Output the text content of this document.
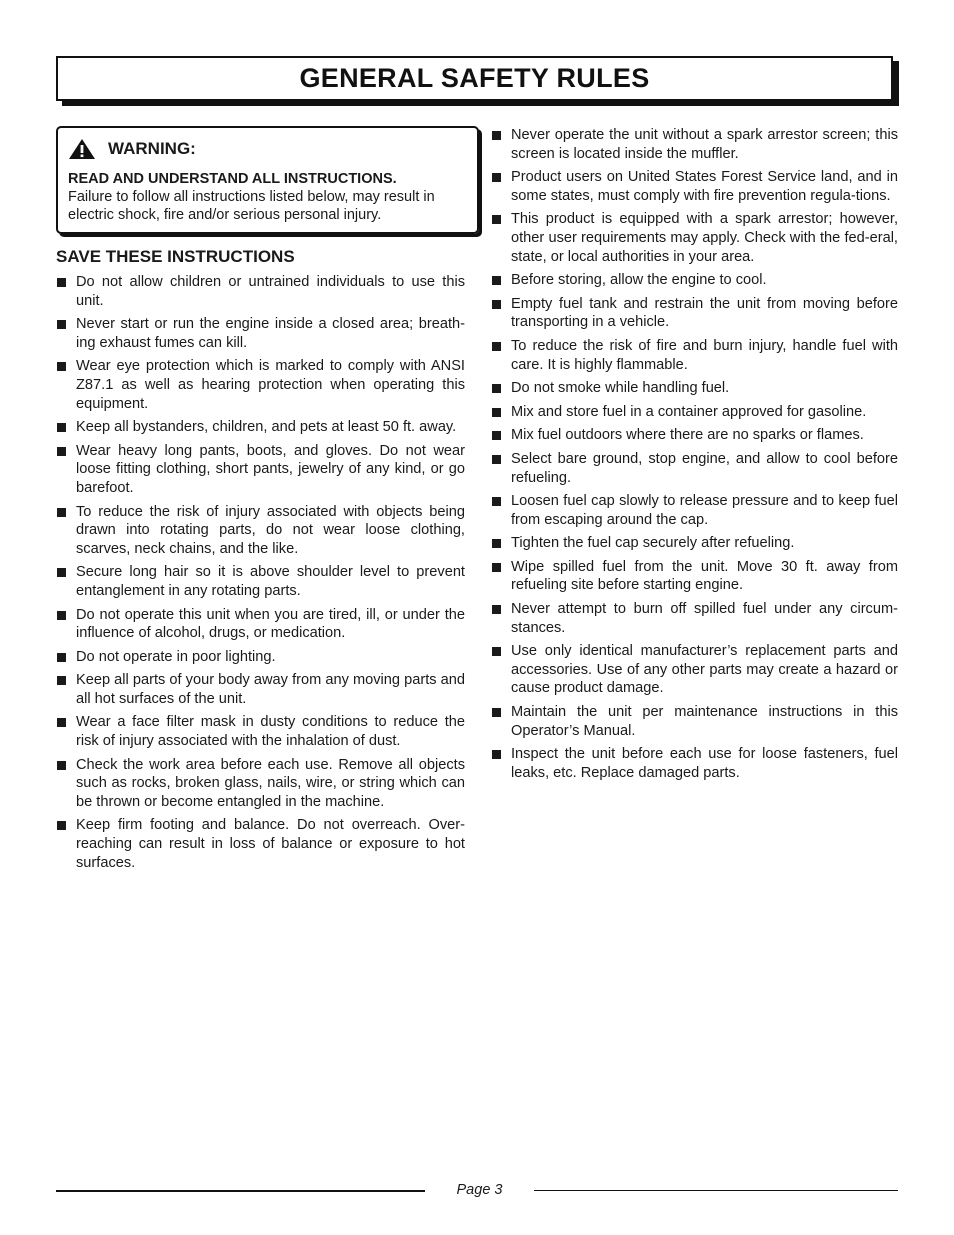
GENERAL SAFETY RULES
WARNING:
READ AND UNDERSTAND ALL INSTRUCTIONS.
Failure to follow all instructions listed below, may result in electric shock, fire and/or serious personal injury.
SAVE THESE INSTRUCTIONS
Do not allow children or untrained individuals to use this unit.
Never start or run the engine inside a closed area; breath-ing exhaust fumes can kill.
Wear eye protection which is marked to comply with ANSI Z87.1 as well as hearing protection when operating this equipment.
Keep all bystanders, children, and pets at least 50 ft. away.
Wear heavy long pants, boots, and gloves. Do not wear loose fitting clothing, short pants, jewelry of any kind, or go barefoot.
To reduce the risk of injury associated with objects being drawn into rotating parts, do not wear loose clothing, scarves, neck chains, and the like.
Secure long hair so it is above shoulder level to prevent entanglement in any rotating parts.
Do not operate this unit when you are tired, ill, or under the influence of alcohol, drugs, or medication.
Do not operate in poor lighting.
Keep all parts of your body away from any moving parts and all hot surfaces of the unit.
Wear a face filter mask in dusty conditions to reduce the risk of injury associated with the inhalation of dust.
Check the work area before each use. Remove all objects such as rocks, broken glass, nails, wire, or string which can be thrown or become entangled in the machine.
Keep firm footing and balance. Do not overreach. Over-reaching can result in loss of balance or exposure to hot surfaces.
Never operate the unit without a spark arrestor screen; this screen is located inside the muffler.
Product users on United States Forest Service land, and in some states, must comply with fire prevention regula-tions.
This product is equipped with a spark arrestor; however, other user requirements may apply. Check with the fed-eral, state, or local authorities in your area.
Before storing, allow the engine to cool.
Empty fuel tank and restrain the unit from moving before transporting in a vehicle.
To reduce the risk of fire and burn injury, handle fuel with care. It is highly flammable.
Do not smoke while handling fuel.
Mix and store fuel in a container approved for gasoline.
Mix fuel outdoors where there are no sparks or flames.
Select bare ground, stop engine, and allow to cool before refueling.
Loosen fuel cap slowly to release pressure and to keep fuel from escaping around the cap.
Tighten the fuel cap securely after refueling.
Wipe spilled fuel from the unit. Move 30 ft. away from refueling site before starting engine.
Never attempt to burn off spilled fuel under any circum-stances.
Use only identical manufacturer’s replacement parts and accessories. Use of any other parts may create a hazard or cause product damage.
Maintain the unit per maintenance instructions in this Operator’s Manual.
Inspect the unit before each use for loose fasteners, fuel leaks, etc. Replace damaged parts.
Page 3
